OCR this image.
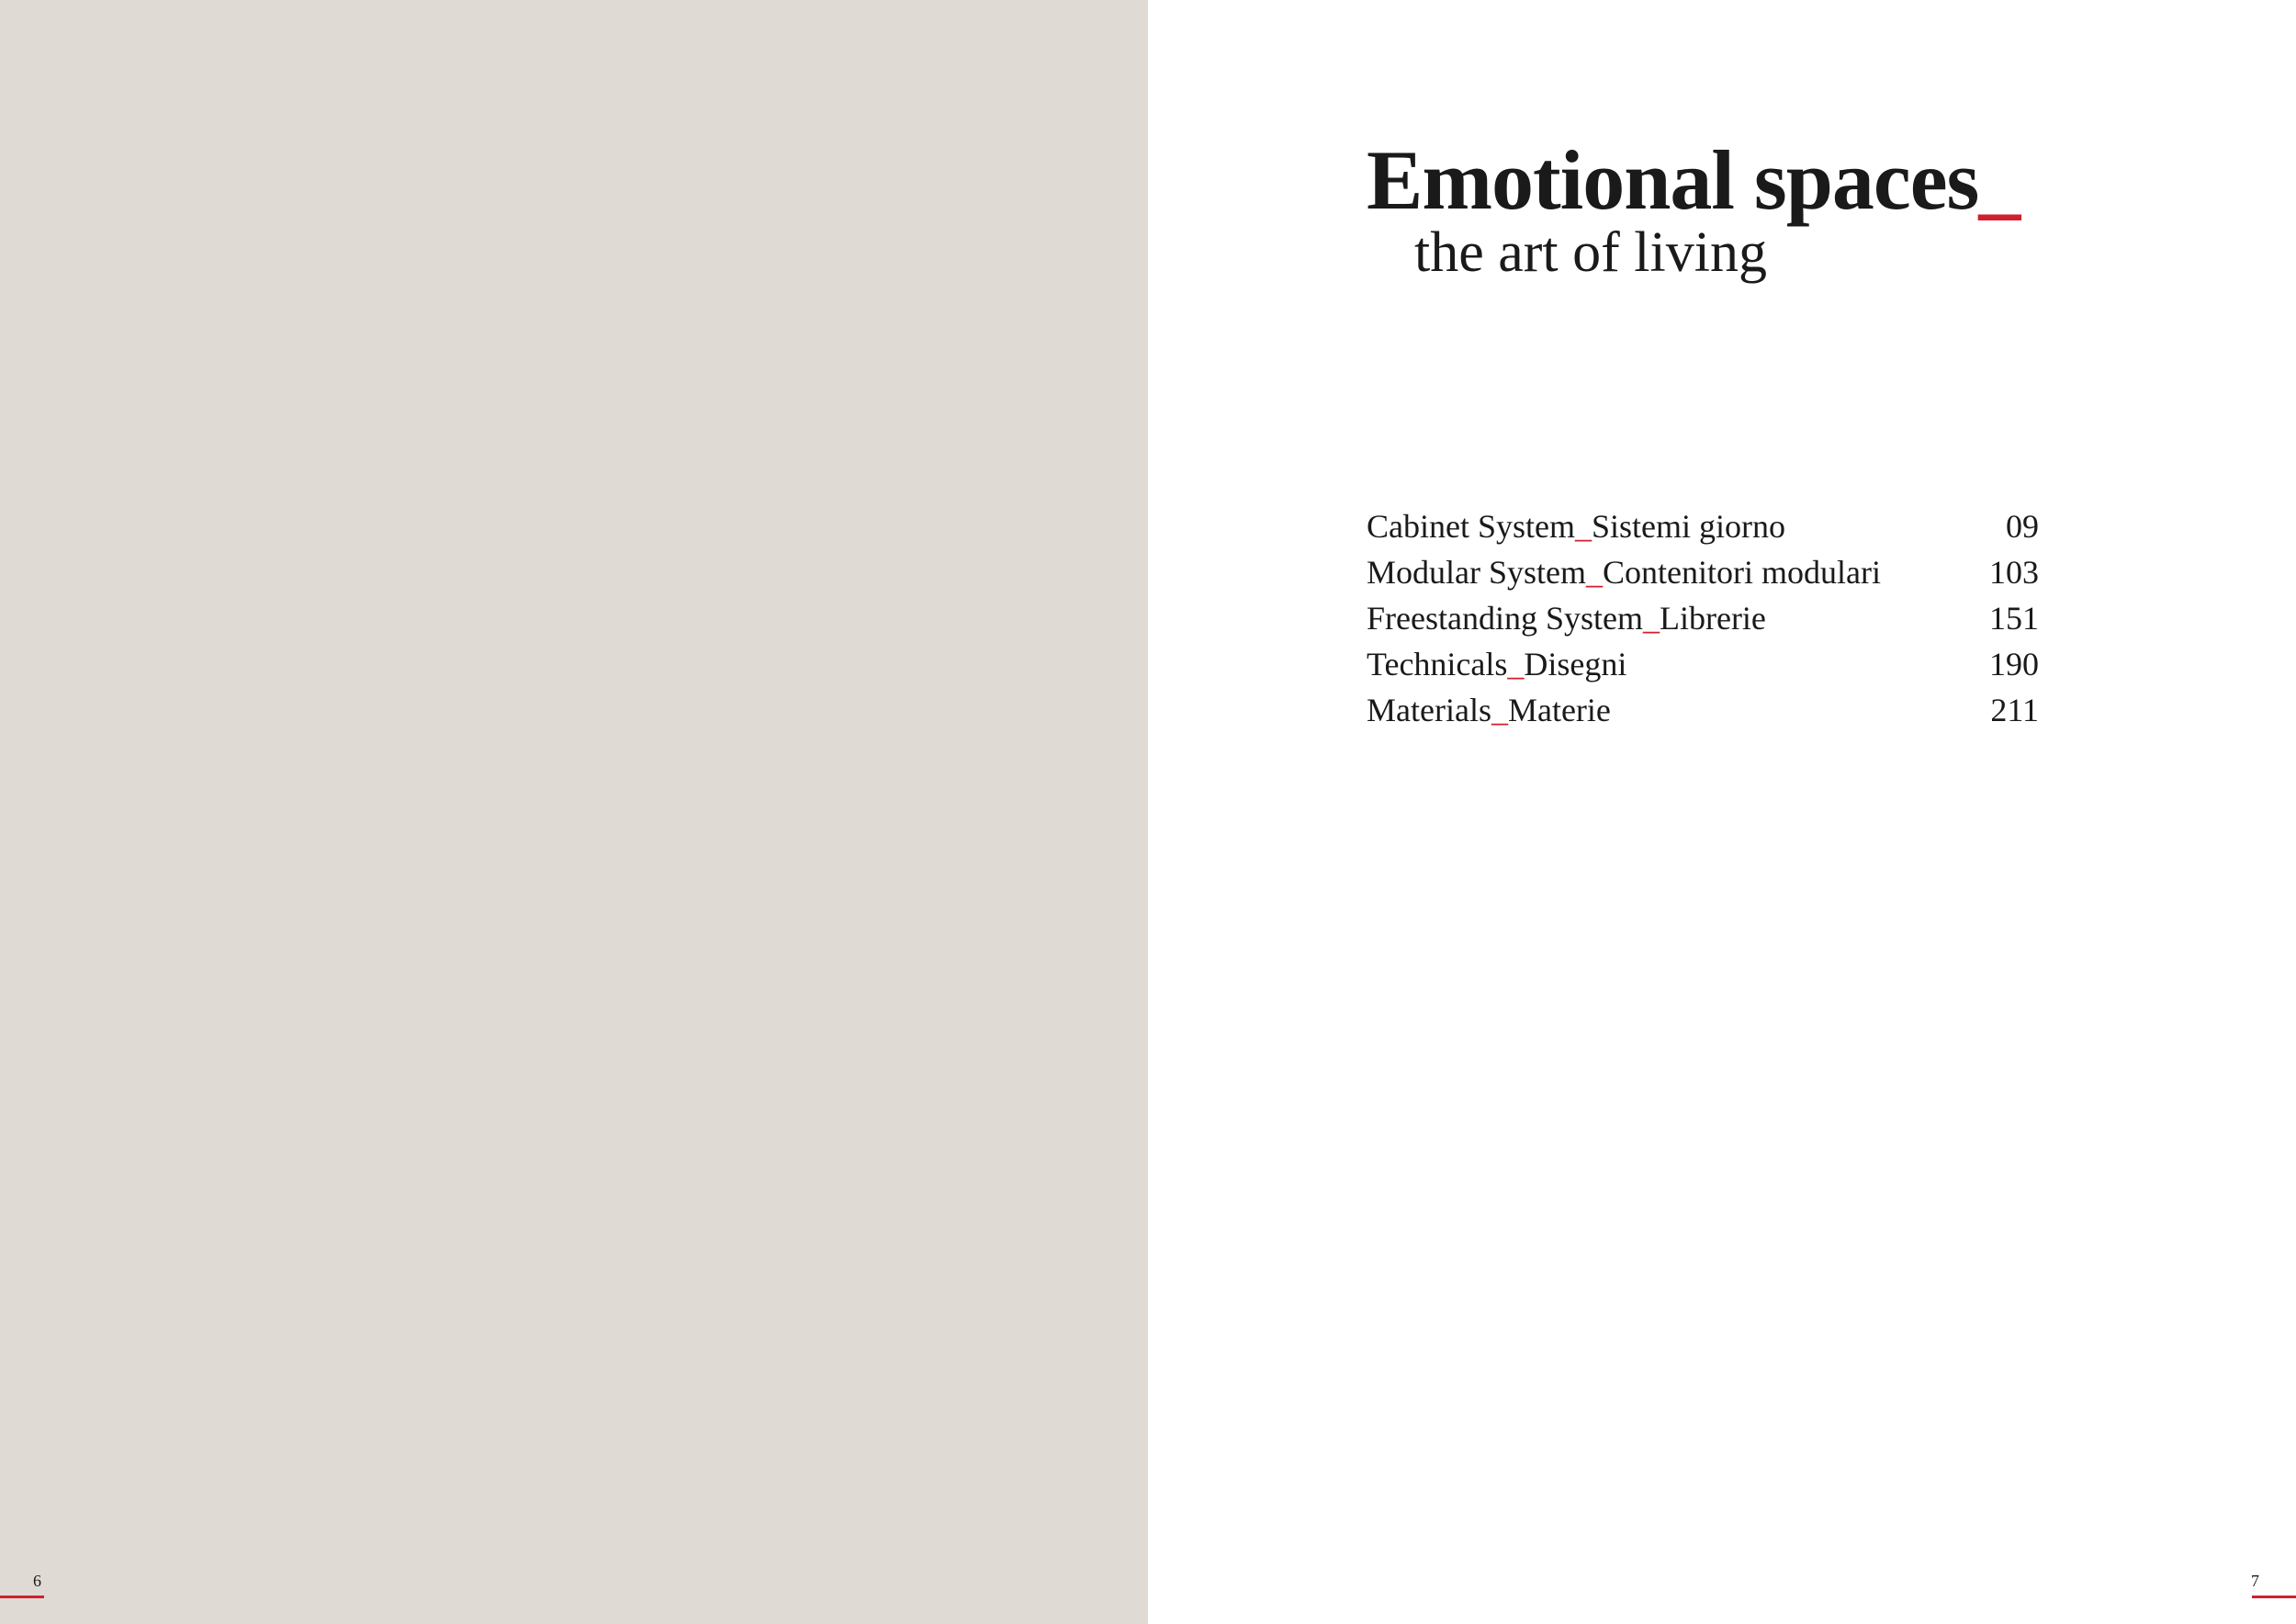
Emotional spaces_
the art of living
Cabinet System_Sistemi giorno	09
Modular System_Contenitori modulari	103
Freestanding System_Librerie	151
Technicals_Disegni	190
Materials_Materie	211
6	7
